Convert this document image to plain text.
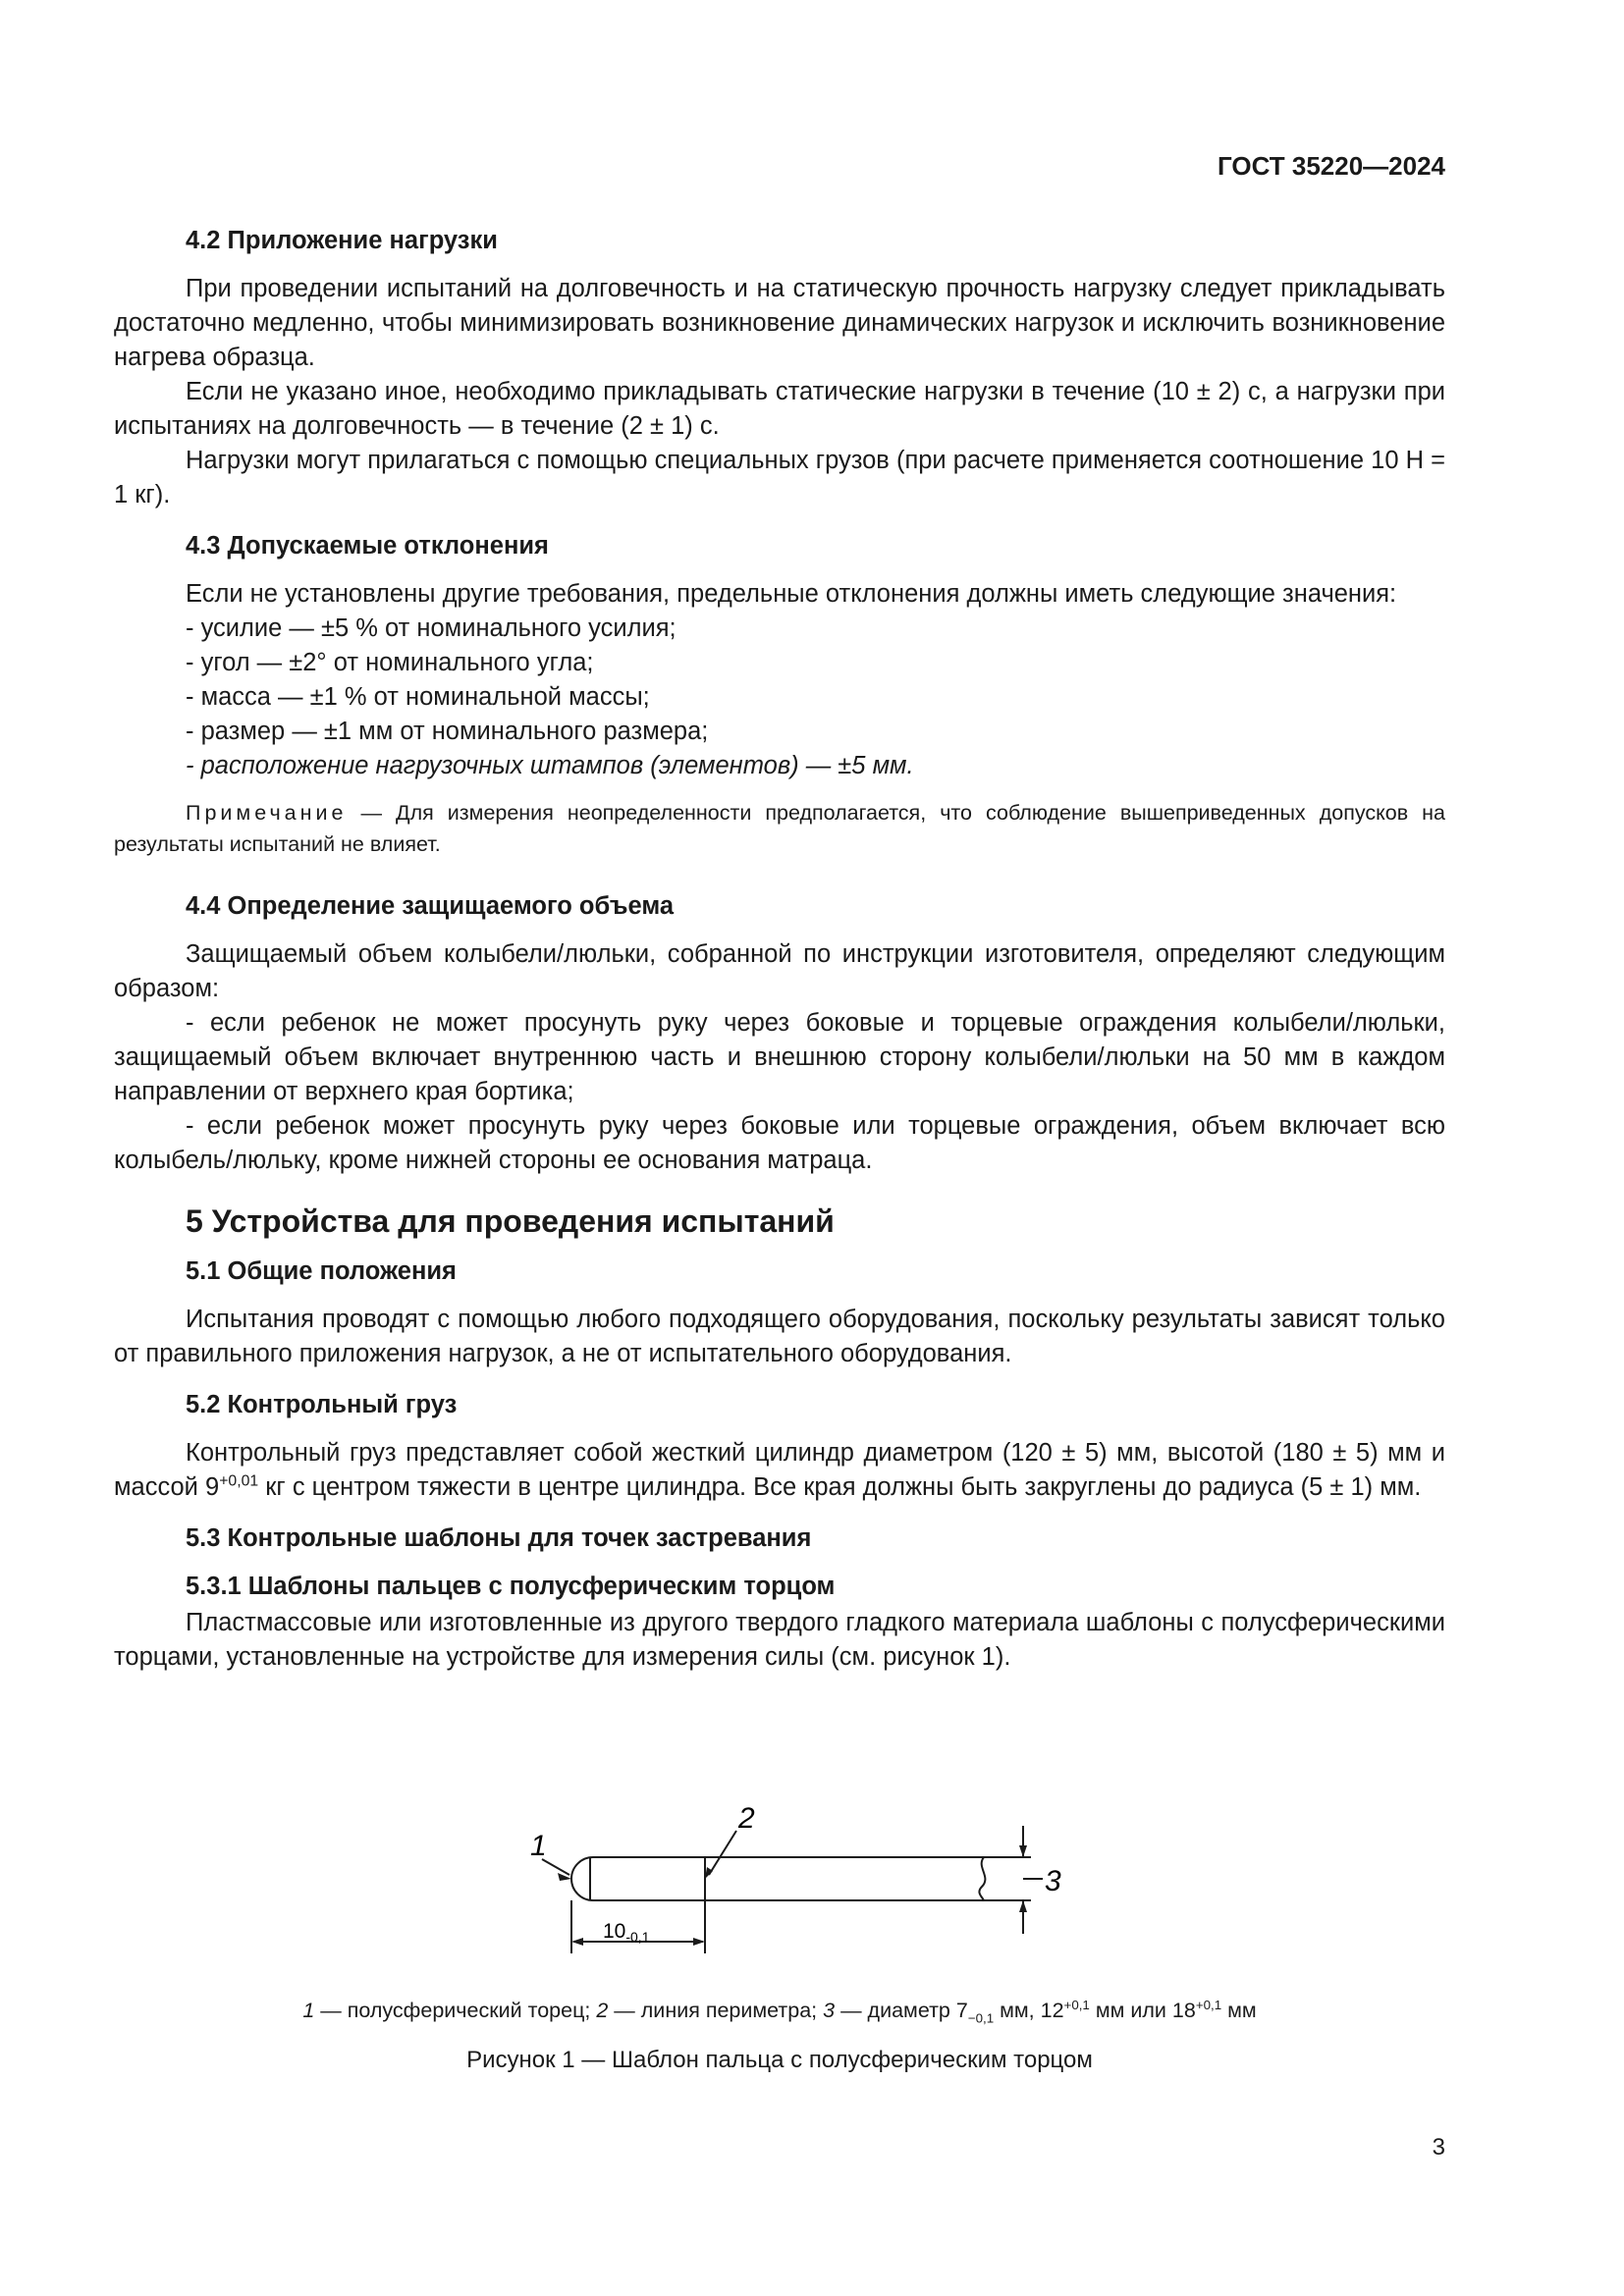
ГОСТ 35220—2024
4.2 Приложение нагрузки

При проведении испытаний на долговечность и на статическую прочность нагрузку следует прикладывать достаточно медленно, чтобы минимизировать возникновение динамических нагрузок и исключить возникновение нагрева образца.

Если не указано иное, необходимо прикладывать статические нагрузки в течение (10 ± 2) с, а нагрузки при испытаниях на долговечность — в течение (2 ± 1) с.

Нагрузки могут прилагаться с помощью специальных грузов (при расчете применяется соотношение 10 Н = 1 кг).

4.3 Допускаемые отклонения

Если не установлены другие требования, предельные отклонения должны иметь следующие значения:

- усилие — ±5 % от номинального усилия;
- угол — ±2° от номинального угла;
- масса — ±1 % от номинальной массы;
- размер — ±1 мм от номинального размера;
- расположение нагрузочных штампов (элементов) — ±5 мм.

Примечание — Для измерения неопределенности предполагается, что соблюдение вышеприведенных допусков на результаты испытаний не влияет.

4.4 Определение защищаемого объема

Защищаемый объем колыбели/люльки, собранной по инструкции изготовителя, определяют следующим образом:

- если ребенок не может просунуть руку через боковые и торцевые ограждения колыбели/люльки, защищаемый объем включает внутреннюю часть и внешнюю сторону колыбели/люльки на 50 мм в каждом направлении от верхнего края бортика;

- если ребенок может просунуть руку через боковые или торцевые ограждения, объем включает всю колыбель/люльку, кроме нижней стороны ее основания матраца.

5 Устройства для проведения испытаний
5.1 Общие положения

Испытания проводят с помощью любого подходящего оборудования, поскольку результаты зависят только от правильного приложения нагрузок, а не от испытательного оборудования.

5.2 Контрольный груз

Контрольный груз представляет собой жесткий цилиндр диаметром (120 ± 5) мм, высотой (180 ± 5) мм и массой $9^{+0,01}$ кг с центром тяжести в центре цилиндра. Все края должны быть закруглены до радиуса (5 ± 1) мм.

5.3 Контрольные шаблоны для точек застревания
5.3.1 Шаблоны пальцев с полусферическим торцом

Пластмассовые или изготовленные из другого твердого гладкого материала шаблоны с полусферическими торцами, установленные на устройстве для измерения силы (см. рисунок 1).

1
2
3
10-0,1
1 — полусферический торец; 2 — линия периметра; 3 — диаметр $7_{-0,1}$ мм, $12^{+0,1}$ мм или $18^{+0,1}$ мм
Рисунок 1 — Шаблон пальца с полусферическим торцом
3
